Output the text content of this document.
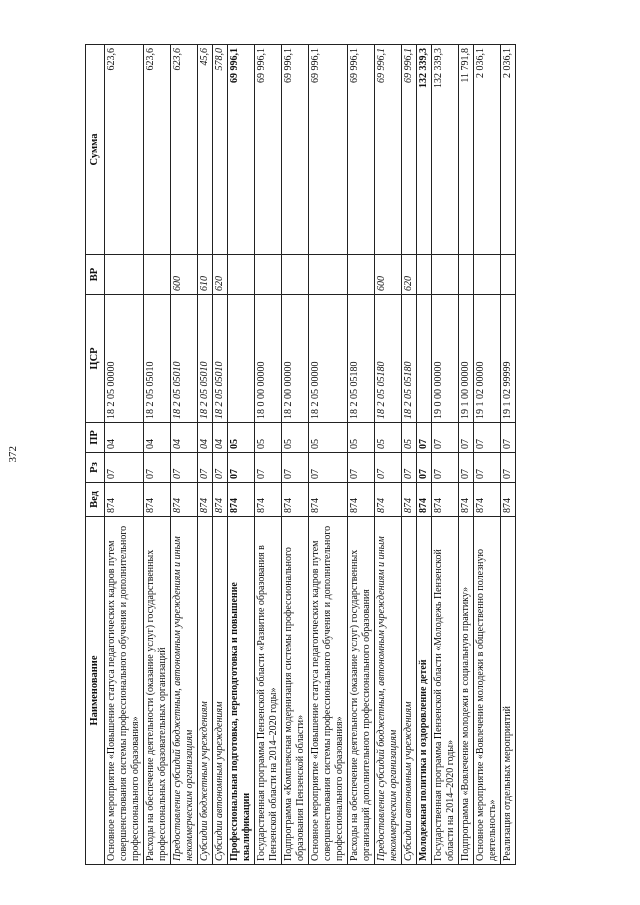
372
Наименование	Вед	Рз	ПР	ЦСР	ВР	Сумма
Основное мероприятие «Повышение статуса педагогических кадров путем совершенствования системы профессионального обучения и дополнительного профессионального образования»	874	07	04	18 2 05 00000		623,6
Расходы на обеспечение деятельности (оказание услуг) государственных профессиональных образовательных организаций	874	07	04	18 2 05 05010		623,6
Предоставление субсидий бюджетным, автономным учреждениям и иным некоммерческим организациям	874	07	04	18 2 05 05010	600	623,6
Субсидии бюджетным учреждениям	874	07	04	18 2 05 05010	610	45,6
Субсидии автономным учреждениям	874	07	04	18 2 05 05010	620	578,0
Профессиональная подготовка, переподготовка и повышение квалификации	874	07	05			69 996,1
Государственная программа Пензенской области «Развитие образования в Пензенской области на 2014–2020 годы»	874	07	05	18 0 00 00000		69 996,1
Подпрограмма «Комплексная модернизация системы профессионального образования Пензенской области»	874	07	05	18 2 00 00000		69 996,1
Основное мероприятие «Повышение статуса педагогических кадров путем совершенствования системы профессионального обучения и дополнительного профессионального образования»	874	07	05	18 2 05 00000		69 996,1
Расходы на обеспечение деятельности (оказание услуг) государственных организаций дополнительного профессионального образования	874	07	05	18 2 05 05180		69 996,1
Предоставление субсидий бюджетным, автономным учреждениям и иным некоммерческим организациям	874	07	05	18 2 05 05180	600	69 996,1
Субсидии автономным учреждениям	874	07	05	18 2 05 05180	620	69 996,1
Молодежная политика и оздоровление детей	874	07	07			132 339,3
Государственная программа Пензенской области «Молодежь Пензенской области на 2014–2020 годы»	874	07	07	19 0 00 00000		132 339,3
Подпрограмма «Вовлечение молодежи в социальную практику»	874	07	07	19 1 00 00000		11 791,8
Основное мероприятие «Вовлечение молодежи в общественно полезную деятельность»	874	07	07	19 1 02 00000		2 036,1
Реализация отдельных мероприятий	874	07	07	19 1 02 99999		2 036,1
